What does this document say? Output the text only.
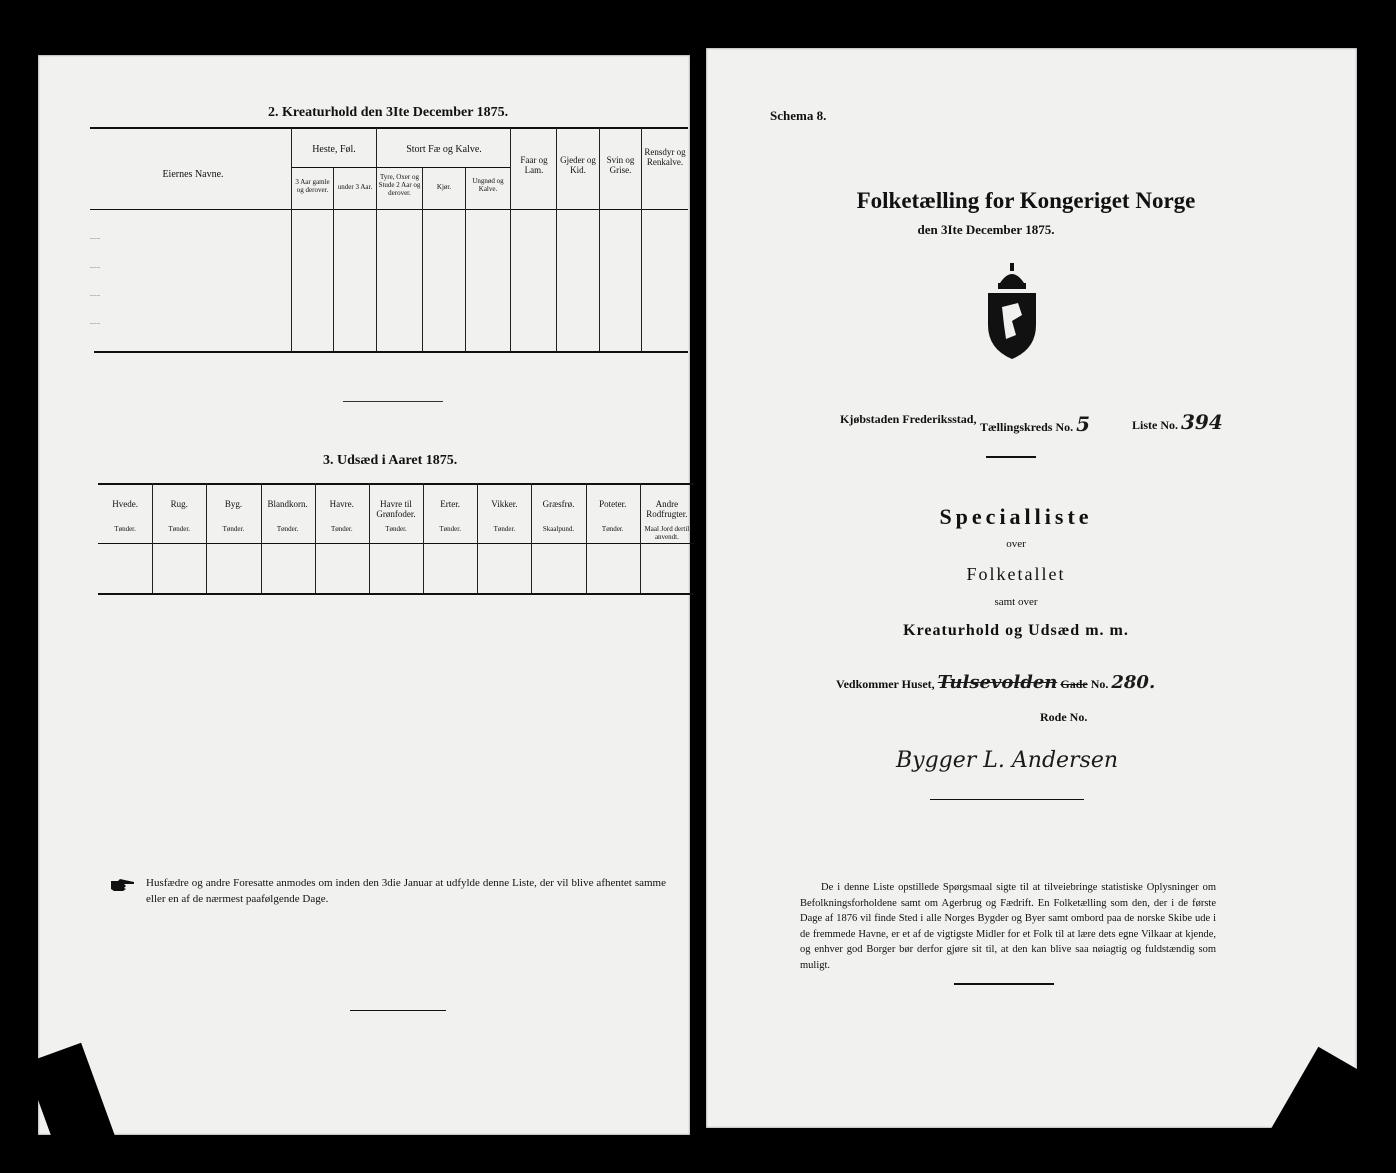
2. Kreaturhold den 3Ite December 1875.
Eiernes Navne.
Heste, Føl.
3 Aar gamle og derover.	under 3 Aar.
Stort Fæ og Kalve.
Tyre, Oxer og Stude 2 Aar og derover.
Kjør.
Ungnød og Kalve.
Faar og Lam.
Gjeder og Kid.
Svin og Grise.
Rensdyr og Renkalve.
3. Udsæd i Aaret 1875.
Hvede.
Tønder.
Rug.
Tønder.
Byg.
Tønder.
Blandkorn.
Tønder.
Havre.
Tønder.
Havre til Grønfoder.
Tønder.
Erter.
Tønder.
Vikker.
Tønder.
Græsfrø.
Skaalpund.
Poteter.
Tønder.
Andre Rodfrugter.
Maal Jord dertil anvendt.
Husfædre og andre Foresatte anmodes om inden den 3die Januar at udfylde denne Liste, der vil blive afhentet samme eller en af de nærmest paafølgende Dage.
Schema 8.
Folketælling for Kongeriget Norge
den 3Ite December 1875.
Kjøbstaden Frederiksstad,
Tællingskreds No. 5	Liste No. 394
Specialliste
over
Folketallet
samt over
Kreaturhold og Udsæd m. m.
Vedkommer Huset, Tulsevolden Gade No. 280.
Rode No.
Bygger L. Andersen
De i denne Liste opstillede Spørgsmaal sigte til at tilveiebringe statistiske Oplysninger om Befolkningsforholdene samt om Agerbrug og Fædrift. En Folketælling som den, der i de første Dage af 1876 vil finde Sted i alle Norges Bygder og Byer samt ombord paa de norske Skibe ude i de fremmede Havne, er et af de vigtigste Midler for et Folk til at lære dets egne Vilkaar at kjende, og enhver god Borger bør derfor gjøre sit til, at den kan blive saa nøiagtig og fuldstændig som muligt.
